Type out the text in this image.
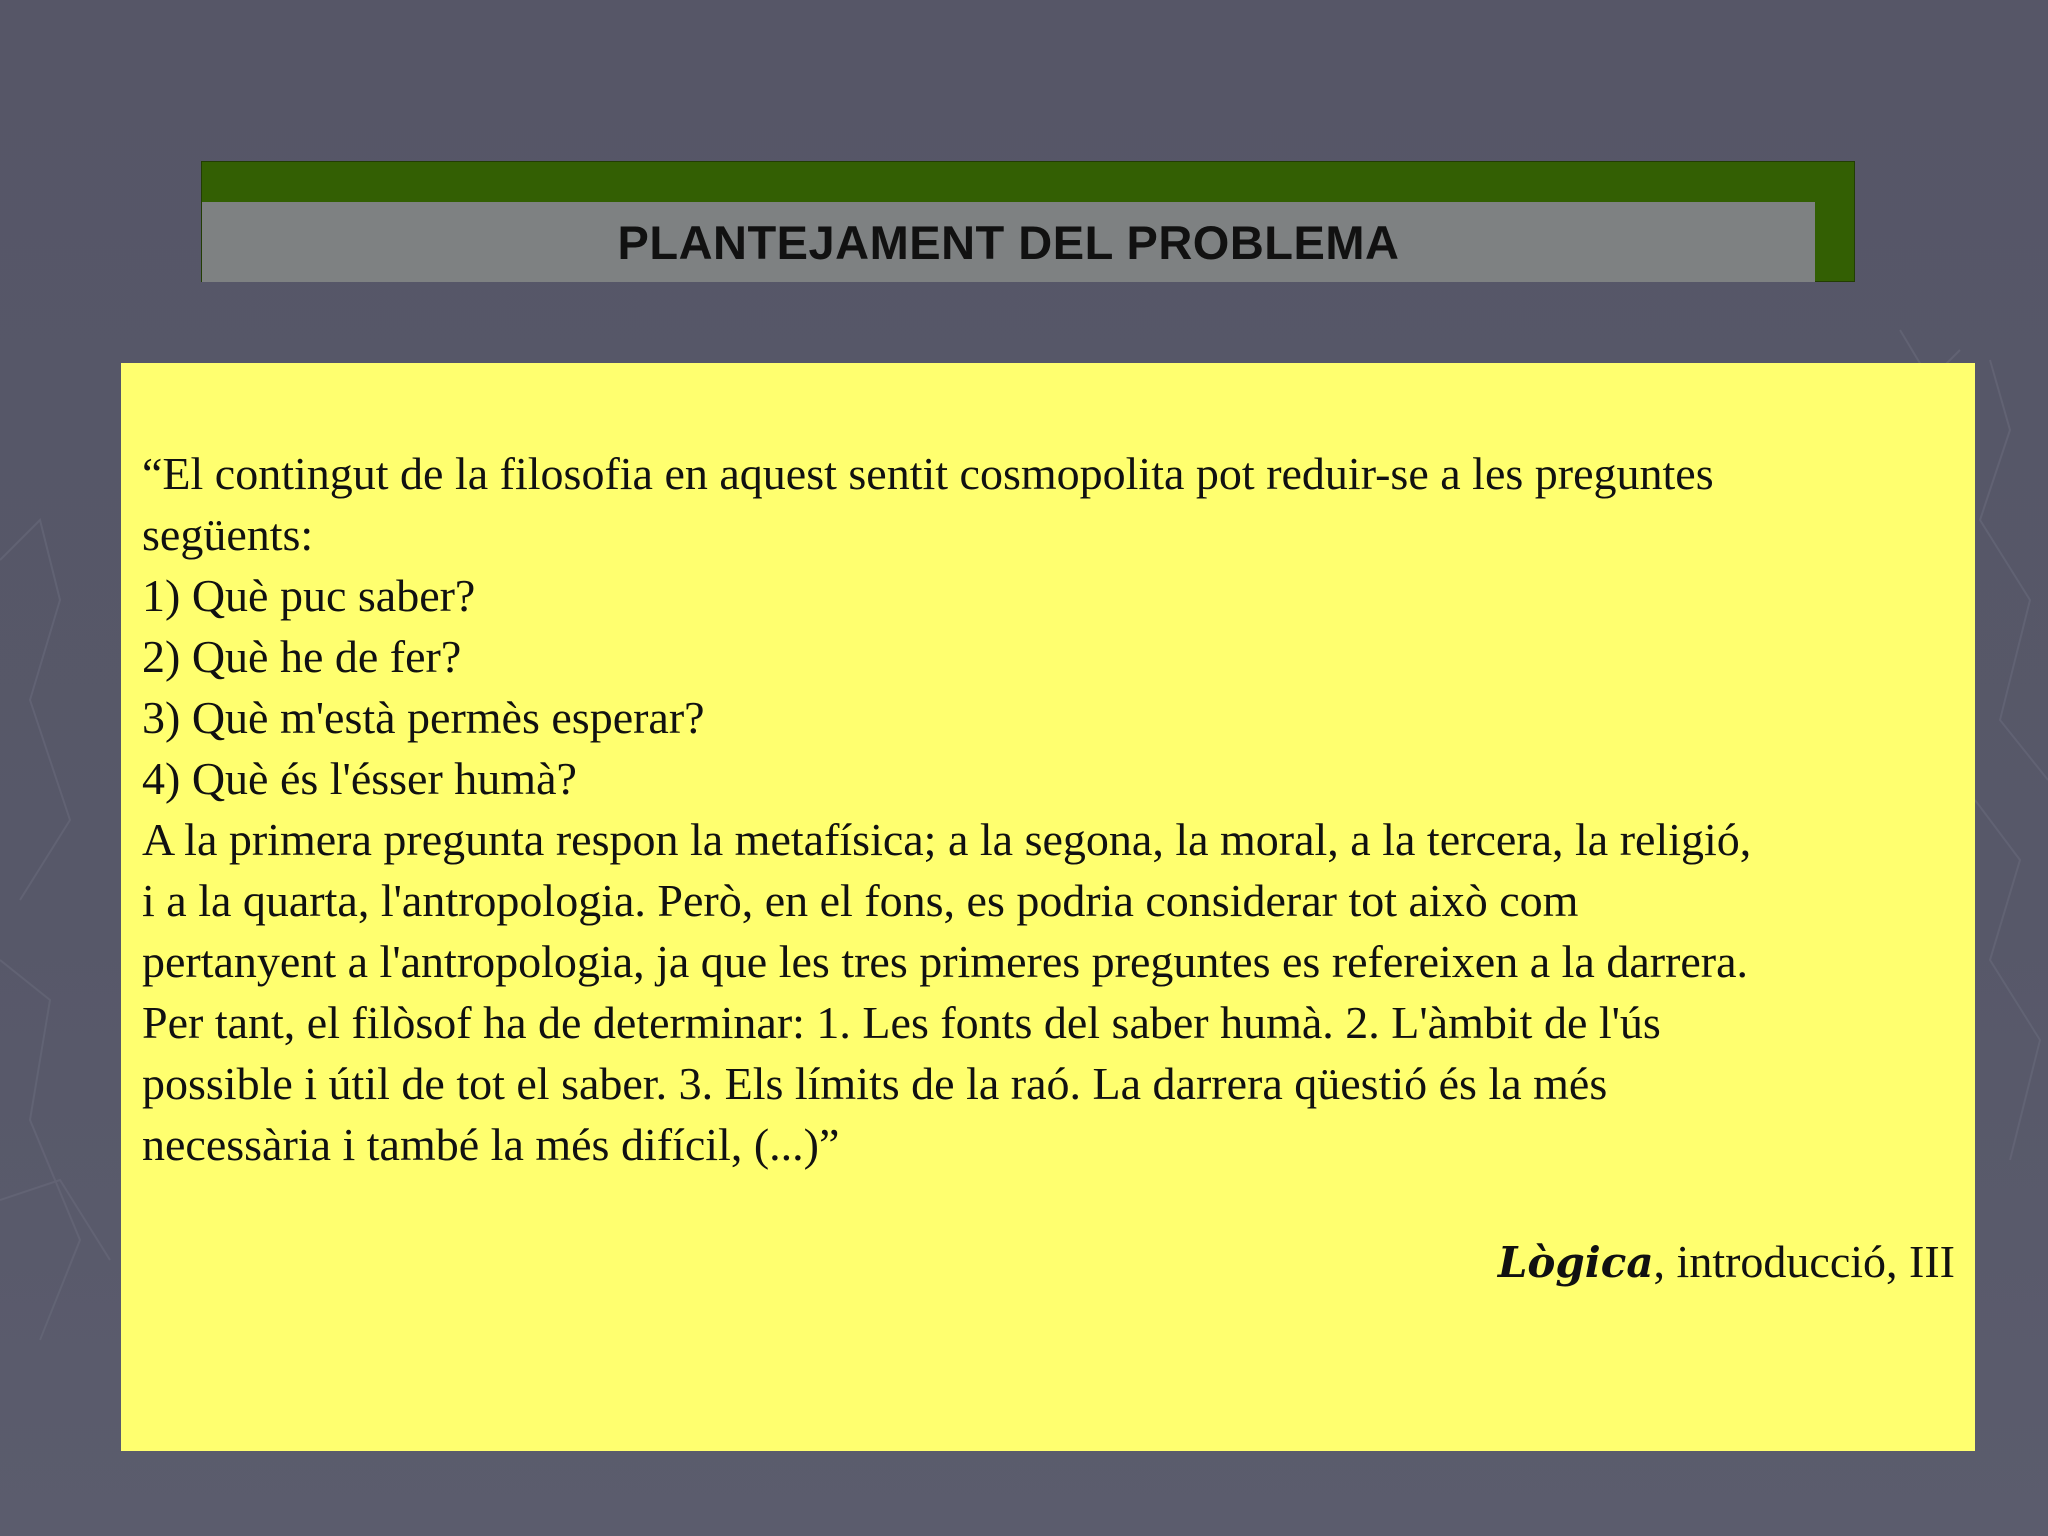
PLANTEJAMENT DEL PROBLEMA
“El contingut de la filosofia en aquest sentit cosmopolita pot reduir-se a les preguntes
següents:
1) Què puc saber?
2) Què he de fer?
3) Què m'està permès esperar?
4) Què és l'ésser humà?
A la primera pregunta respon la metafísica; a la segona, la moral, a la tercera, la religió,
i a la quarta, l'antropologia. Però, en el fons, es podria considerar tot això com
pertanyent a l'antropologia, ja que les tres primeres preguntes es refereixen a la darrera.
Per tant, el filòsof ha de determinar: 1. Les fonts del saber humà. 2. L'àmbit de l'ús
possible i útil de tot el saber. 3. Els límits de la raó. La darrera qüestió és la més
necessària i també la més difícil, (...)”
Lògica, introducció, III
